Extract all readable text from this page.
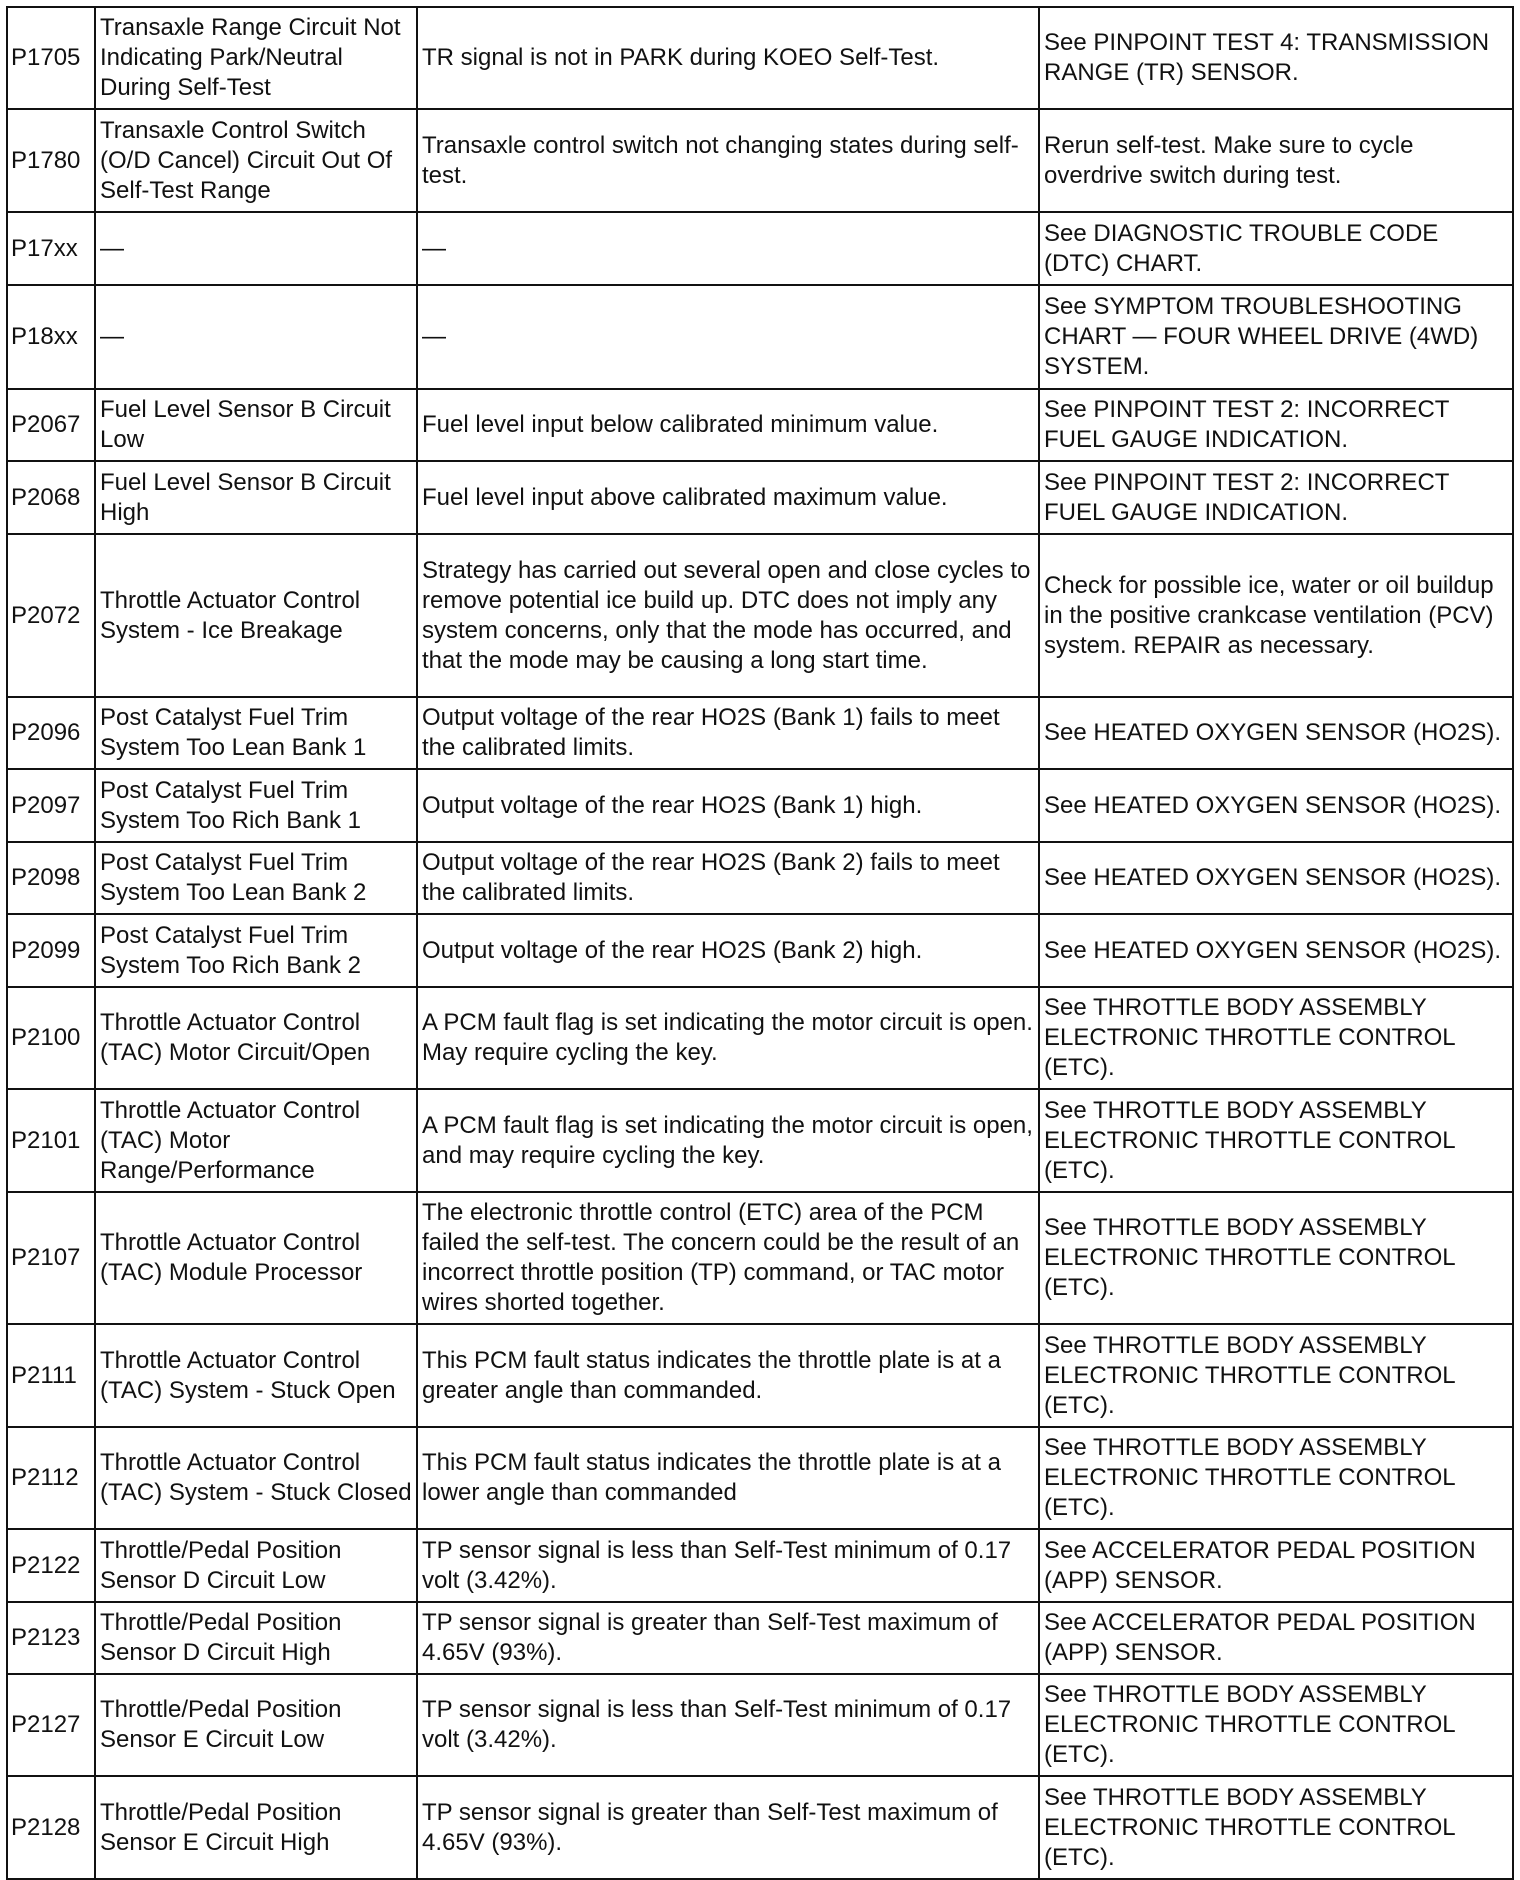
P1705	Transaxle Range Circuit Not Indicating Park/Neutral During Self-Test	TR signal is not in PARK during KOEO Self-Test.	See PINPOINT TEST 4: TRANSMISSION RANGE (TR) SENSOR.
P1780	Transaxle Control Switch (O/D Cancel) Circuit Out Of Self-Test Range	Transaxle control switch not changing states during self-test.	Rerun self-test. Make sure to cycle overdrive switch during test.
P17xx	—	—	See DIAGNOSTIC TROUBLE CODE (DTC) CHART.
P18xx	—	—	See SYMPTOM TROUBLESHOOTING CHART — FOUR WHEEL DRIVE (4WD) SYSTEM.
P2067	Fuel Level Sensor B Circuit Low	Fuel level input below calibrated minimum value.	See PINPOINT TEST 2: INCORRECT FUEL GAUGE INDICATION.
P2068	Fuel Level Sensor B Circuit High	Fuel level input above calibrated maximum value.	See PINPOINT TEST 2: INCORRECT FUEL GAUGE INDICATION.
P2072	Throttle Actuator Control System - Ice Breakage	Strategy has carried out several open and close cycles to remove potential ice build up. DTC does not imply any system concerns, only that the mode has occurred, and that the mode may be causing a long start time.	Check for possible ice, water or oil buildup in the positive crankcase ventilation (PCV) system. REPAIR as necessary.
P2096	Post Catalyst Fuel Trim System Too Lean Bank 1	Output voltage of the rear HO2S (Bank 1) fails to meet the calibrated limits.	See HEATED OXYGEN SENSOR (HO2S).
P2097	Post Catalyst Fuel Trim System Too Rich Bank 1	Output voltage of the rear HO2S (Bank 1) high.	See HEATED OXYGEN SENSOR (HO2S).
P2098	Post Catalyst Fuel Trim System Too Lean Bank 2	Output voltage of the rear HO2S (Bank 2) fails to meet the calibrated limits.	See HEATED OXYGEN SENSOR (HO2S).
P2099	Post Catalyst Fuel Trim System Too Rich Bank 2	Output voltage of the rear HO2S (Bank 2) high.	See HEATED OXYGEN SENSOR (HO2S).
P2100	Throttle Actuator Control (TAC) Motor Circuit/Open	A PCM fault flag is set indicating the motor circuit is open. May require cycling the key.	See THROTTLE BODY ASSEMBLY ELECTRONIC THROTTLE CONTROL (ETC).
P2101	Throttle Actuator Control (TAC) Motor Range/Performance	A PCM fault flag is set indicating the motor circuit is open, and may require cycling the key.	See THROTTLE BODY ASSEMBLY ELECTRONIC THROTTLE CONTROL (ETC).
P2107	Throttle Actuator Control (TAC) Module Processor	The electronic throttle control (ETC) area of the PCM failed the self-test. The concern could be the result of an incorrect throttle position (TP) command, or TAC motor wires shorted together.	See THROTTLE BODY ASSEMBLY ELECTRONIC THROTTLE CONTROL (ETC).
P2111	Throttle Actuator Control (TAC) System - Stuck Open	This PCM fault status indicates the throttle plate is at a greater angle than commanded.	See THROTTLE BODY ASSEMBLY ELECTRONIC THROTTLE CONTROL (ETC).
P2112	Throttle Actuator Control (TAC) System - Stuck Closed	This PCM fault status indicates the throttle plate is at a lower angle than commanded	See THROTTLE BODY ASSEMBLY ELECTRONIC THROTTLE CONTROL (ETC).
P2122	Throttle/Pedal Position Sensor D Circuit Low	TP sensor signal is less than Self-Test minimum of 0.17 volt (3.42%).	See ACCELERATOR PEDAL POSITION (APP) SENSOR.
P2123	Throttle/Pedal Position Sensor D Circuit High	TP sensor signal is greater than Self-Test maximum of 4.65V (93%).	See ACCELERATOR PEDAL POSITION (APP) SENSOR.
P2127	Throttle/Pedal Position Sensor E Circuit Low	TP sensor signal is less than Self-Test minimum of 0.17 volt (3.42%).	See THROTTLE BODY ASSEMBLY ELECTRONIC THROTTLE CONTROL (ETC).
P2128	Throttle/Pedal Position Sensor E Circuit High	TP sensor signal is greater than Self-Test maximum of 4.65V (93%).	See THROTTLE BODY ASSEMBLY ELECTRONIC THROTTLE CONTROL (ETC).
